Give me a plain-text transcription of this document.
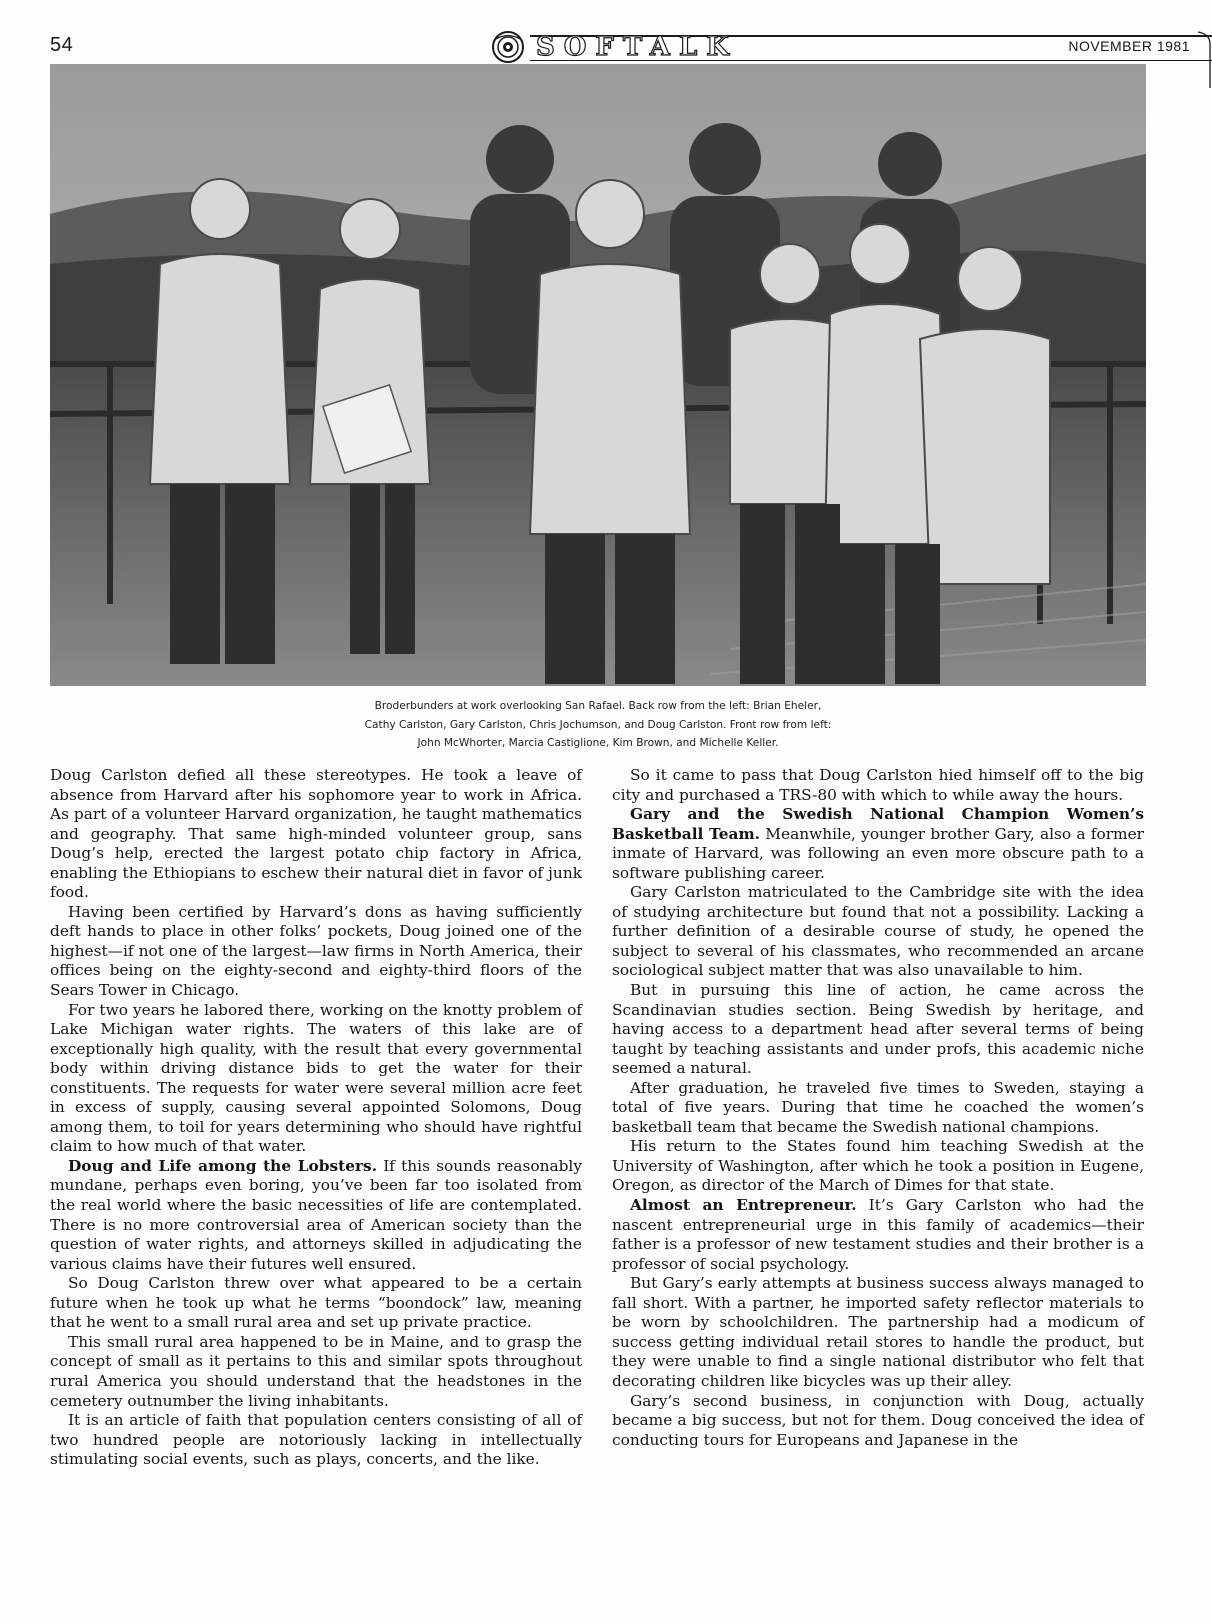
54	SOFTALK	NOVEMBER 1981
Broderbunders at work overlooking San Rafael. Back row from the left: Brian Eheler,
Cathy Carlston, Gary Carlston, Chris Jochumson, and Doug Carlston. Front row from left:
John McWhorter, Marcia Castiglione, Kim Brown, and Michelle Keller.

Doug Carlston defied all these stereotypes. He took a leave of absence from Harvard after his sophomore year to work in Africa. As part of a volunteer Harvard organization, he taught mathematics and geography. That same high-minded volunteer group, sans Doug’s help, erected the largest potato chip factory in Africa, enabling the Ethiopians to eschew their natural diet in favor of junk food.

Having been certified by Harvard’s dons as having sufficiently deft hands to place in other folks’ pockets, Doug joined one of the highest—if not one of the largest—law firms in North America, their offices being on the eighty-second and eighty-third floors of the Sears Tower in Chicago.

For two years he labored there, working on the knotty problem of Lake Michigan water rights. The waters of this lake are of exceptionally high quality, with the result that every governmental body within driving distance bids to get the water for their constituents. The requests for water were several million acre feet in excess of supply, causing several appointed Solomons, Doug among them, to toil for years determining who should have rightful claim to how much of that water.

Doug and Life among the Lobsters. If this sounds reasonably mundane, perhaps even boring, you’ve been far too isolated from the real world where the basic necessities of life are contemplated. There is no more controversial area of American society than the question of water rights, and attorneys skilled in adjudicating the various claims have their futures well ensured.

So Doug Carlston threw over what appeared to be a certain future when he took up what he terms “boondock” law, meaning that he went to a small rural area and set up private practice.

This small rural area happened to be in Maine, and to grasp the concept of small as it pertains to this and similar spots throughout rural America you should understand that the headstones in the cemetery outnumber the living inhabitants.

It is an article of faith that population centers consisting of all of two hundred people are notoriously lacking in intellectually stimulating social events, such as plays, concerts, and the like.

So it came to pass that Doug Carlston hied himself off to the big city and purchased a TRS-80 with which to while away the hours.

Gary and the Swedish National Champion Women’s Basketball Team. Meanwhile, younger brother Gary, also a former inmate of Harvard, was following an even more obscure path to a software publishing career.

Gary Carlston matriculated to the Cambridge site with the idea of studying architecture but found that not a possibility. Lacking a further definition of a desirable course of study, he opened the subject to several of his classmates, who recommended an arcane sociological subject matter that was also unavailable to him.

But in pursuing this line of action, he came across the Scandinavian studies section. Being Swedish by heritage, and having access to a department head after several terms of being taught by teaching assistants and under profs, this academic niche seemed a natural.

After graduation, he traveled five times to Sweden, staying a total of five years. During that time he coached the women’s basketball team that became the Swedish national champions.

His return to the States found him teaching Swedish at the University of Washington, after which he took a position in Eugene, Oregon, as director of the March of Dimes for that state.

Almost an Entrepreneur. It’s Gary Carlston who had the nascent entrepreneurial urge in this family of academics—their father is a professor of new testament studies and their brother is a professor of social psychology.

But Gary’s early attempts at business success always managed to fall short. With a partner, he imported safety reflector materials to be worn by schoolchildren. The partnership had a modicum of success getting individual retail stores to handle the product, but they were unable to find a single national distributor who felt that decorating children like bicycles was up their alley.

Gary’s second business, in conjunction with Doug, actually became a big success, but not for them. Doug conceived the idea of conducting tours for Europeans and Japanese in the
